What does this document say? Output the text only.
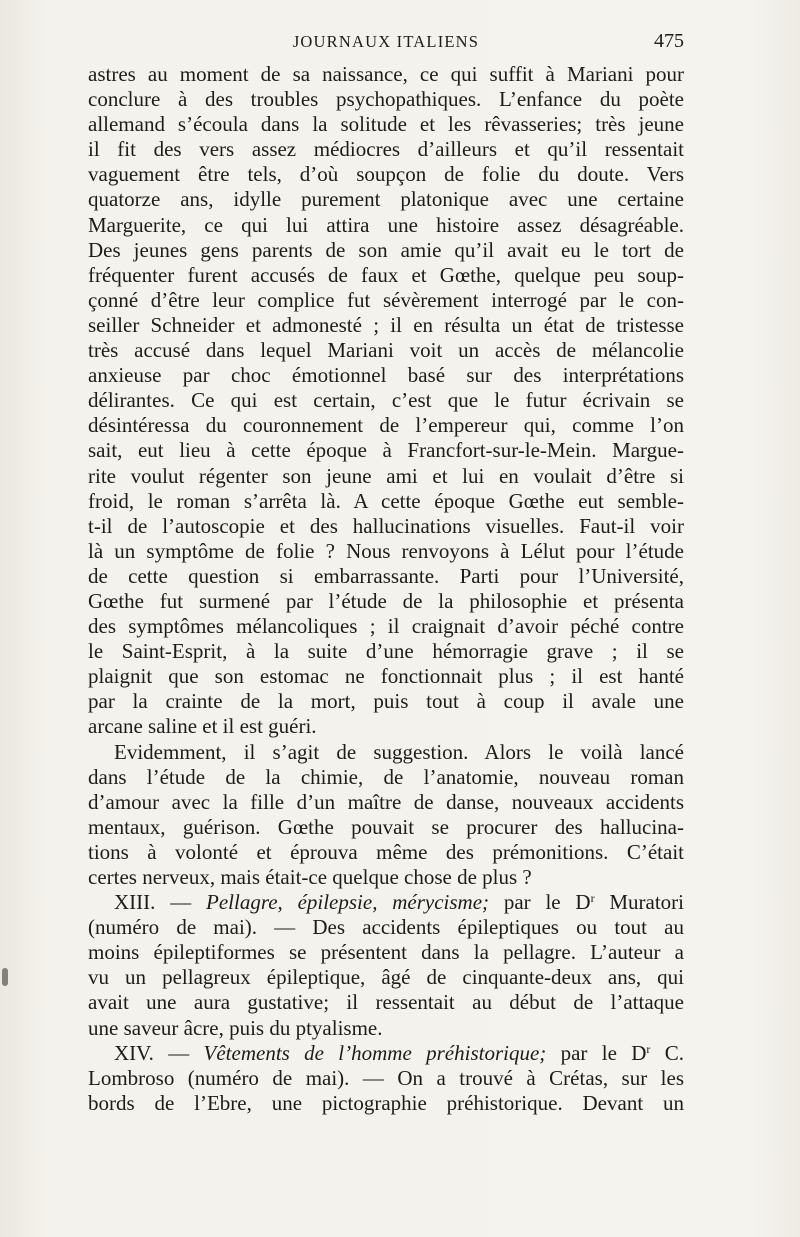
JOURNAUX ITALIENS	475
astres au moment de sa naissance, ce qui suffit à Mariani pour
conclure à des troubles psychopathiques. L’enfance du poète
allemand s’écoula dans la solitude et les rêvasseries; très jeune
il fit des vers assez médiocres d’ailleurs et qu’il ressentait
vaguement être tels, d’où soupçon de folie du doute. Vers
quatorze ans, idylle purement platonique avec une certaine
Marguerite, ce qui lui attira une histoire assez désagréable.
Des jeunes gens parents de son amie qu’il avait eu le tort de
fréquenter furent accusés de faux et Gœthe, quelque peu soup-
çonné d’être leur complice fut sévèrement interrogé par le con-
seiller Schneider et admonesté ; il en résulta un état de tristesse
très accusé dans lequel Mariani voit un accès de mélancolie
anxieuse par choc émotionnel basé sur des interprétations
délirantes. Ce qui est certain, c’est que le futur écrivain se
désintéressa du couronnement de l’empereur qui, comme l’on
sait, eut lieu à cette époque à Francfort-sur-le-Mein. Margue-
rite voulut régenter son jeune ami et lui en voulait d’être si
froid, le roman s’arrêta là. A cette époque Gœthe eut semble-
t-il de l’autoscopie et des hallucinations visuelles. Faut-il voir
là un symptôme de folie ? Nous renvoyons à Lélut pour l’étude
de cette question si embarrassante. Parti pour l’Université,
Gœthe fut surmené par l’étude de la philosophie et présenta
des symptômes mélancoliques ; il craignait d’avoir péché contre
le Saint-Esprit, à la suite d’une hémorragie grave ; il se
plaignit que son estomac ne fonctionnait plus ; il est hanté
par la crainte de la mort, puis tout à coup il avale une
arcane saline et il est guéri.
Evidemment, il s’agit de suggestion. Alors le voilà lancé
dans l’étude de la chimie, de l’anatomie, nouveau roman
d’amour avec la fille d’un maître de danse, nouveaux accidents
mentaux, guérison. Gœthe pouvait se procurer des hallucina-
tions à volonté et éprouva même des prémonitions. C’était
certes nerveux, mais était-ce quelque chose de plus ?
XIII. — Pellagre, épilepsie, mérycisme; par le $D^r$ Muratori
(numéro de mai). — Des accidents épileptiques ou tout au
moins épileptiformes se présentent dans la pellagre. L’auteur a
vu un pellagreux épileptique, âgé de cinquante-deux ans, qui
avait une aura gustative; il ressentait au début de l’attaque
une saveur âcre, puis du ptyalisme.
XIV. — Vêtements de l’homme préhistorique; par le $D^r$ C.
Lombroso (numéro de mai). — On a trouvé à Crétas, sur les
bords de l’Ebre, une pictographie préhistorique. Devant un
